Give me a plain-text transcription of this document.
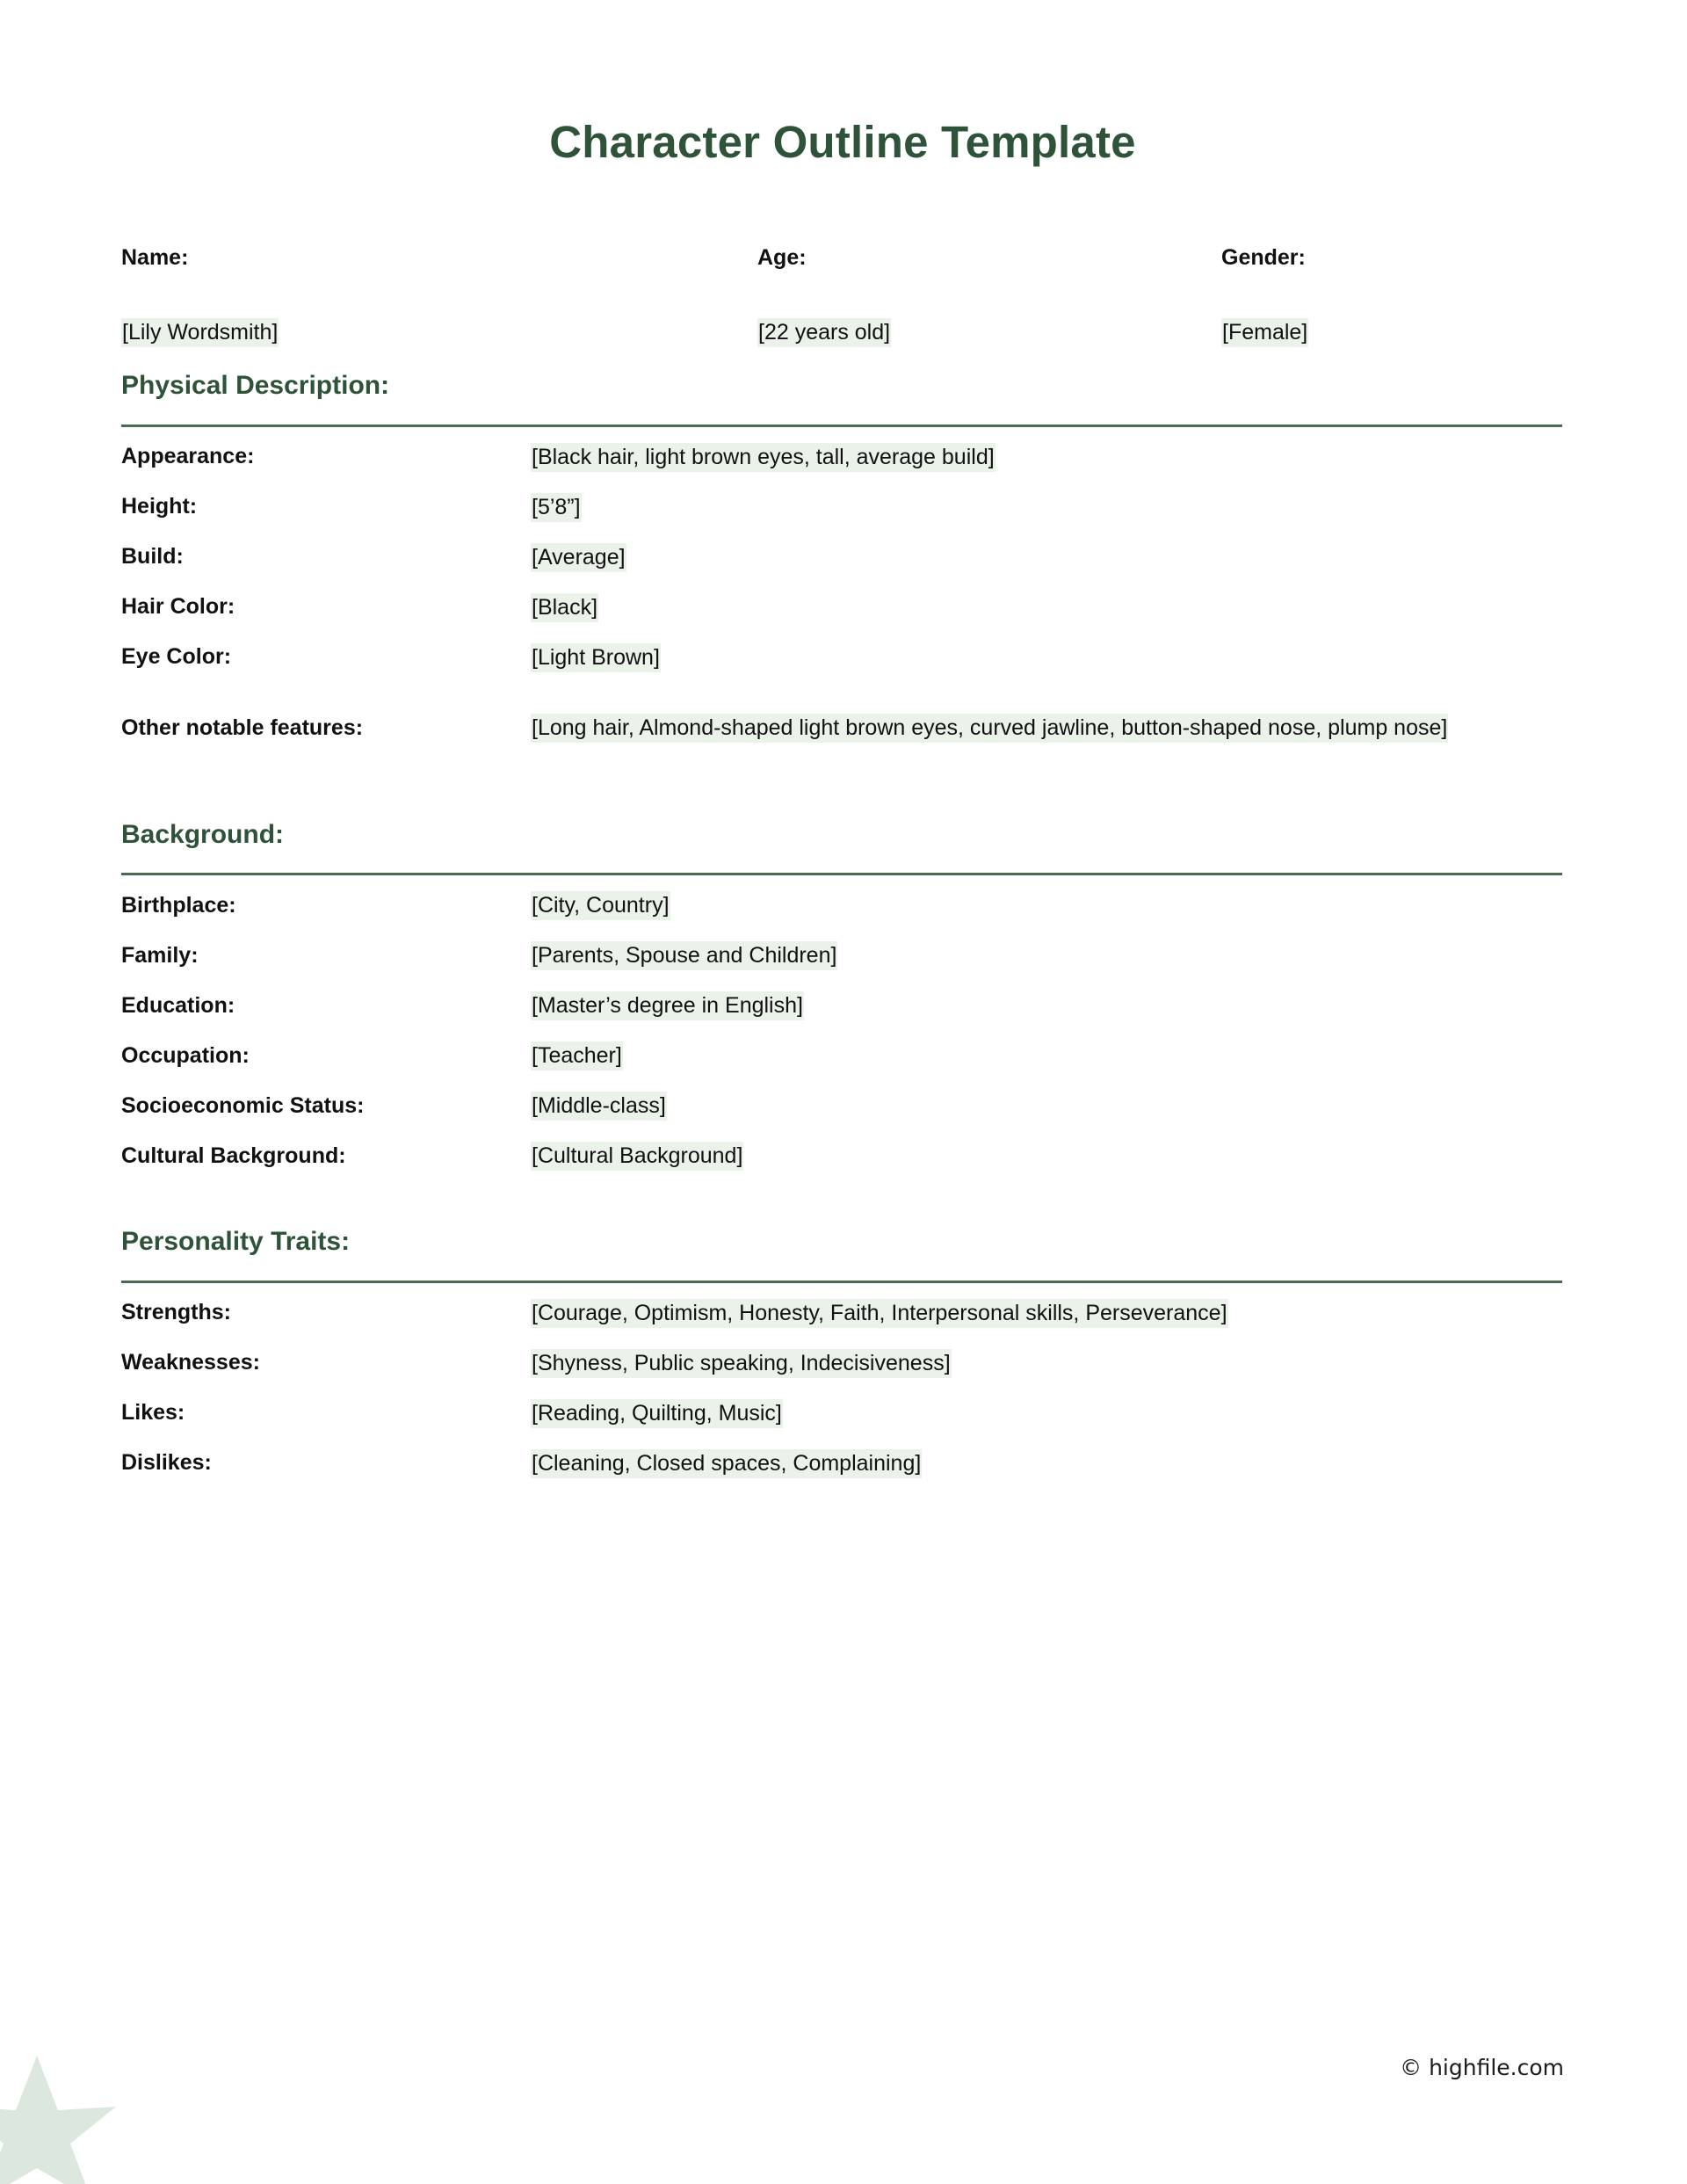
Character Outline Template
Name:
[Lily Wordsmith]
Age:
[22 years old]
Gender:
[Female]
Physical Description:
Appearance:	[Black hair, light brown eyes, tall, average build]
Height:	[5’8”]
Build:	[Average]
Hair Color:	[Black]
Eye Color:	[Light Brown]
Other notable features:	[Long hair, Almond-shaped light brown eyes, curved jawline, button-shaped nose, plump nose]
Background:
Birthplace:	[City, Country]
Family:	[Parents, Spouse and Children]
Education:	[Master’s degree in English]
Occupation:	[Teacher]
Socioeconomic Status:	[Middle-class]
Cultural Background:	[Cultural Background]
Personality Traits:
Strengths:	[Courage, Optimism, Honesty, Faith, Interpersonal skills, Perseverance]
Weaknesses:	[Shyness, Public speaking, Indecisiveness]
Likes:	[Reading, Quilting, Music]
Dislikes:	[Cleaning, Closed spaces, Complaining]
© highfile.com
